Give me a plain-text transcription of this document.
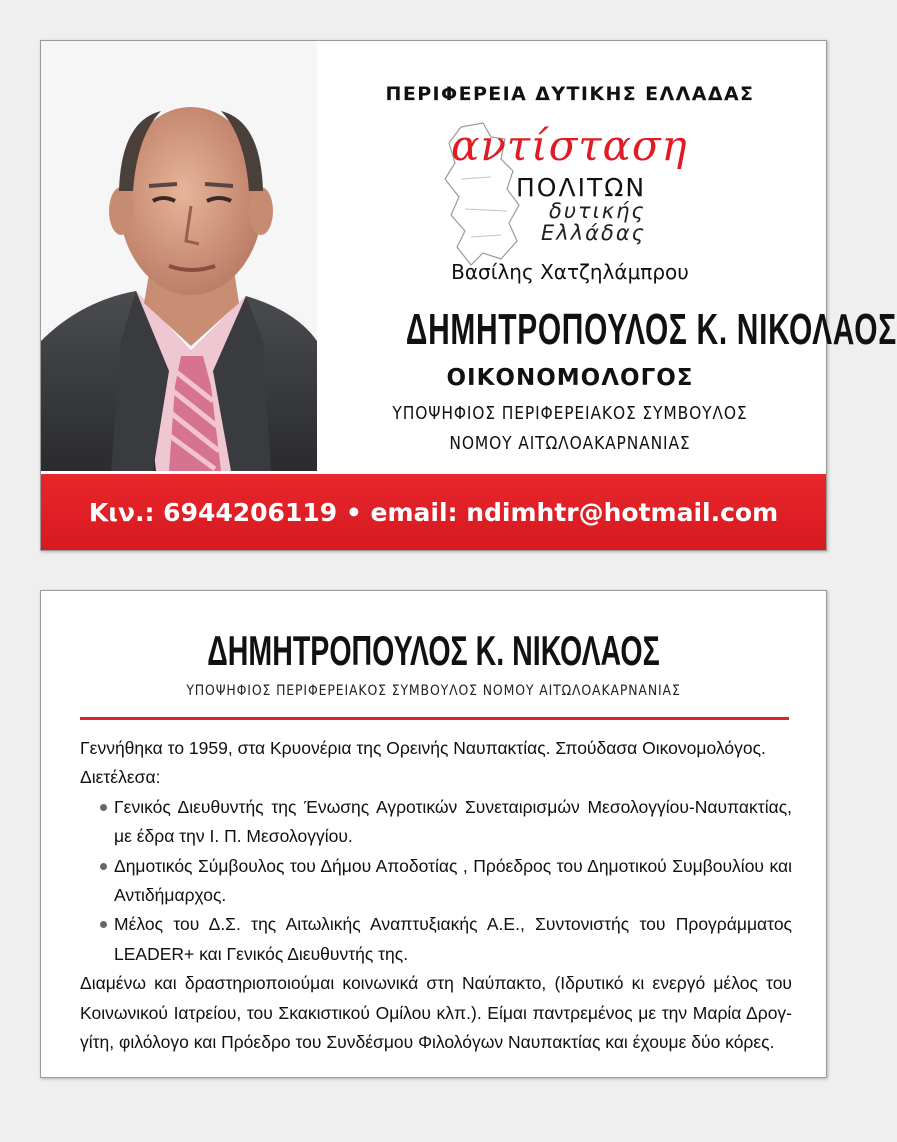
ΠΕΡΙΦΕΡΕΙΑ ΔΥΤΙΚΗΣ ΕΛΛΑΔΑΣ
αντίσταση
ΠΟΛΙΤΩΝ
δυτικής
Ελλάδας
Βασίλης Χατζηλάμπρου
ΔΗΜΗΤΡΟΠΟΥΛΟΣ Κ. ΝΙΚΟΛΑΟΣ
ΟΙΚΟΝΟΜΟΛΟΓΟΣ
ΥΠΟΨΗΦΙΟΣ ΠΕΡΙΦΕΡΕΙΑΚΟΣ ΣΥΜΒΟΥΛΟΣ
ΝΟΜΟΥ ΑΙΤΩΛΟΑΚΑΡΝΑΝΙΑΣ
Κιν.: 6944206119 • email: ndimhtr@hotmail.com
ΔΗΜΗΤΡΟΠΟΥΛΟΣ Κ. ΝΙΚΟΛΑΟΣ
ΥΠΟΨΗΦΙΟΣ ΠΕΡΙΦΕΡΕΙΑΚΟΣ ΣΥΜΒΟΥΛΟΣ ΝΟΜΟΥ ΑΙΤΩΛΟΑΚΑΡΝΑΝΙΑΣ

Γεννήθηκα το 1959, στα Κρυονέρια της Ορεινής Ναυπακτίας. Σπούδασα Οικονομολόγος.
Διετέλεσα:

Γενικός Διευθυντής της Ένωσης Αγροτικών Συνεταιρισμών Μεσολογγίου-Ναυπακτίας, με έδρα την Ι. Π. Μεσολογγίου.
Δημοτικός Σύμβουλος του Δήμου Αποδοτίας , Πρόεδρος του Δημοτικού Συμβουλίου και Αντιδήμαρχος.
Μέλος του Δ.Σ. της Αιτωλικής Αναπτυξιακής Α.Ε., Συντονιστής του Προγράμματος LEADER+ και Γενικός Διευθυντής της.

Διαμένω και δραστηριοποιούμαι κοινωνικά στη Ναύπακτο, (Ιδρυτικό κι ενεργό μέλος του Κοινωνικού Ιατρείου, του Σκακιστικού Ομίλου κλπ.). Είμαι παντρεμένος με την Μαρία Δρογ-γίτη, φιλόλογο και Πρόεδρο του Συνδέσμου Φιλολόγων Ναυπακτίας και έχουμε δύο κόρες.
